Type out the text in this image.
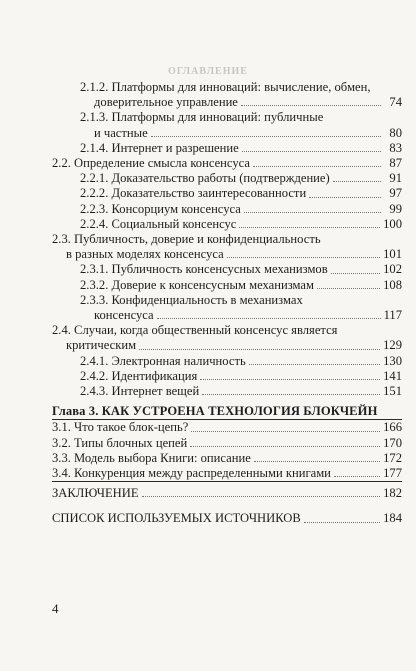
ОГЛАВЛЕНИЕ
2.1.2. Платформы для инноваций: вычисление, обмен,
доверительное управление	74
2.1.3. Платформы для инноваций: публичные
и частные	80
2.1.4. Интернет и разрешение	83
2.2. Определение смысла консенсуса	87
2.2.1. Доказательство работы (подтверждение)	91
2.2.2. Доказательство заинтересованности	97
2.2.3. Консорциум консенсуса	99
2.2.4. Социальный консенсус	100
2.3. Публичность, доверие и конфиденциальность
в разных моделях консенсуса	101
2.3.1. Публичность консенсусных механизмов	102
2.3.2. Доверие к консенсусным механизмам	108
2.3.3. Конфиденциальность в механизмах
консенсуса	117
2.4. Случаи, когда общественный консенсус является
критическим	129
2.4.1. Электронная наличность	130
2.4.2. Идентификация	141
2.4.3. Интернет вещей	151
Глава 3. КАК УСТРОЕНА ТЕХНОЛОГИЯ БЛОКЧЕЙН
3.1. Что такое блок-цепь?	166
3.2. Типы блочных цепей	170
3.3. Модель выбора Книги: описание	172
3.4. Конкуренция между распределенными книгами	177
ЗАКЛЮЧЕНИЕ	182
СПИСОК ИСПОЛЬЗУЕМЫХ ИСТОЧНИКОВ	184
4
